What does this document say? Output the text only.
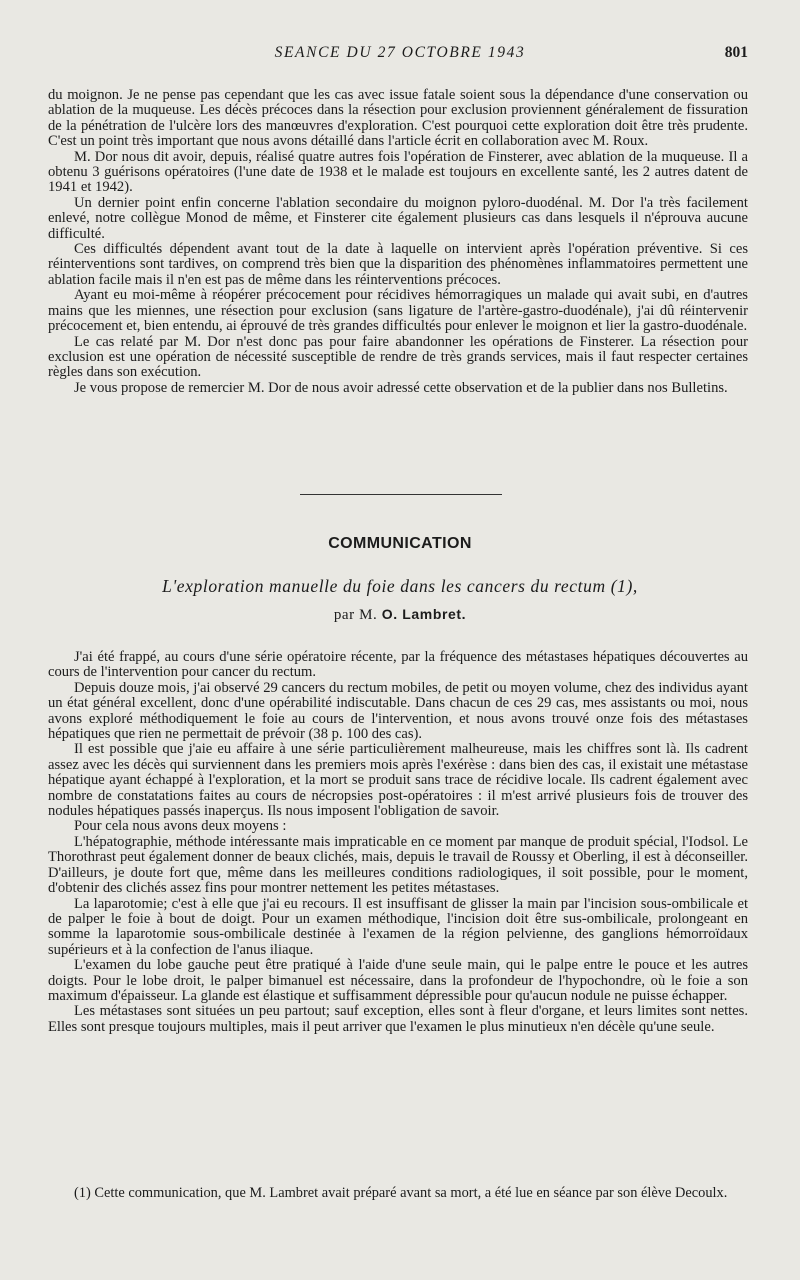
SEANCE DU 27 OCTOBRE 1943	801

du moignon. Je ne pense pas cependant que les cas avec issue fatale soient sous la dépendance d'une conservation ou ablation de la muqueuse. Les décès précoces dans la résection pour exclusion proviennent généralement de fissuration de la pénétration de l'ulcère lors des manœuvres d'exploration. C'est pourquoi cette exploration doit être très prudente. C'est un point très important que nous avons détaillé dans l'article écrit en collaboration avec M. Roux.

M. Dor nous dit avoir, depuis, réalisé quatre autres fois l'opération de Finsterer, avec ablation de la muqueuse. Il a obtenu 3 guérisons opératoires (l'une date de 1938 et le malade est toujours en excellente santé, les 2 autres datent de 1941 et 1942).

Un dernier point enfin concerne l'ablation secondaire du moignon pyloro-duodénal. M. Dor l'a très facilement enlevé, notre collègue Monod de même, et Finsterer cite également plusieurs cas dans lesquels il n'éprouva aucune difficulté.

Ces difficultés dépendent avant tout de la date à laquelle on intervient après l'opération préventive. Si ces réinterventions sont tardives, on comprend très bien que la disparition des phénomènes inflammatoires permettent une ablation facile mais il n'en est pas de même dans les réinterventions précoces.

Ayant eu moi-même à réopérer précocement pour récidives hémorragiques un malade qui avait subi, en d'autres mains que les miennes, une résection pour exclusion (sans ligature de l'artère-gastro-duodénale), j'ai dû réintervenir précocement et, bien entendu, ai éprouvé de très grandes difficultés pour enlever le moignon et lier la gastro-duodénale.

Le cas relaté par M. Dor n'est donc pas pour faire abandonner les opérations de Finsterer. La résection pour exclusion est une opération de nécessité susceptible de rendre de très grands services, mais il faut respecter certaines règles dans son exécution.

Je vous propose de remercier M. Dor de nous avoir adressé cette observation et de la publier dans nos Bulletins.

COMMUNICATION
L'exploration manuelle du foie dans les cancers du rectum (1),
par M. O. Lambret.

J'ai été frappé, au cours d'une série opératoire récente, par la fréquence des métastases hépatiques découvertes au cours de l'intervention pour cancer du rectum.

Depuis douze mois, j'ai observé 29 cancers du rectum mobiles, de petit ou moyen volume, chez des individus ayant un état général excellent, donc d'une opérabilité indiscutable. Dans chacun de ces 29 cas, mes assistants ou moi, nous avons exploré méthodiquement le foie au cours de l'intervention, et nous avons trouvé onze fois des métastases hépatiques que rien ne permettait de prévoir (38 p. 100 des cas).

Il est possible que j'aie eu affaire à une série particulièrement malheureuse, mais les chiffres sont là. Ils cadrent assez avec les décès qui surviennent dans les premiers mois après l'exérèse : dans bien des cas, il existait une métastase hépatique ayant échappé à l'exploration, et la mort se produit sans trace de récidive locale. Ils cadrent également avec nombre de constatations faites au cours de nécropsies post-opératoires : il m'est arrivé plusieurs fois de trouver des nodules hépatiques passés inaperçus. Ils nous imposent l'obligation de savoir.

Pour cela nous avons deux moyens :

L'hépatographie, méthode intéressante mais impraticable en ce moment par manque de produit spécial, l'Iodsol. Le Thorothrast peut également donner de beaux clichés, mais, depuis le travail de Roussy et Oberling, il est à déconseiller. D'ailleurs, je doute fort que, même dans les meilleures conditions radiologiques, il soit possible, pour le moment, d'obtenir des clichés assez fins pour montrer nettement les petites métastases.

La laparotomie; c'est à elle que j'ai eu recours. Il est insuffisant de glisser la main par l'incision sous-ombilicale et de palper le foie à bout de doigt. Pour un examen méthodique, l'incision doit être sus-ombilicale, prolongeant en somme la laparotomie sous-ombilicale destinée à l'examen de la région pelvienne, des ganglions hémorroïdaux supérieurs et à la confection de l'anus iliaque.

L'examen du lobe gauche peut être pratiqué à l'aide d'une seule main, qui le palpe entre le pouce et les autres doigts. Pour le lobe droit, le palper bimanuel est nécessaire, dans la profondeur de l'hypochondre, où le foie a son maximum d'épaisseur. La glande est élastique et suffisamment dépressible pour qu'aucun nodule ne puisse échapper.

Les métastases sont situées un peu partout; sauf exception, elles sont à fleur d'organe, et leurs limites sont nettes. Elles sont presque toujours multiples, mais il peut arriver que l'examen le plus minutieux n'en décèle qu'une seule.

(1) Cette communication, que M. Lambret avait préparé avant sa mort, a été lue en séance par son élève Decoulx.
